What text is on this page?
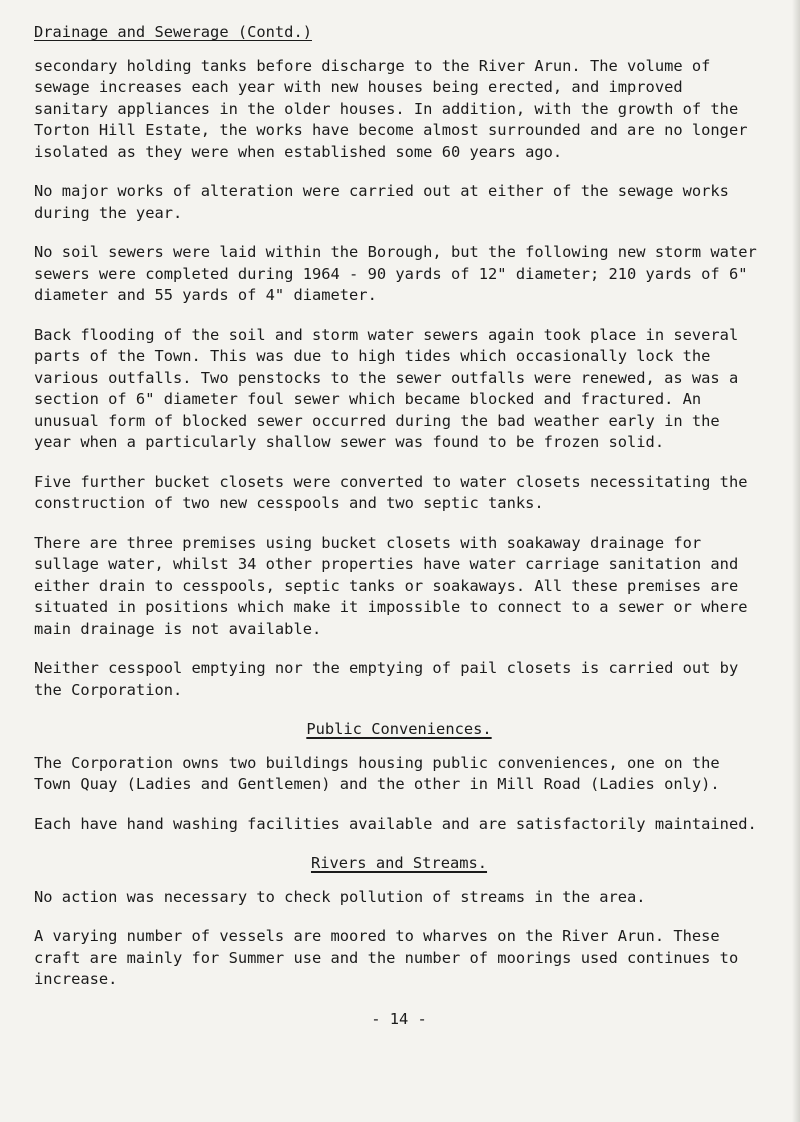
Drainage and Sewerage (Contd.)

secondary holding tanks before discharge to the River Arun. The volume of sewage increases each year with new houses being erected, and improved sanitary appliances in the older houses. In addition, with the growth of the Torton Hill Estate, the works have become almost surrounded and are no longer isolated as they were when established some 60 years ago.

No major works of alteration were carried out at either of the sewage works during the year.

No soil sewers were laid within the Borough, but the following new storm water sewers were completed during 1964 - 90 yards of 12" diameter; 210 yards of 6" diameter and 55 yards of 4" diameter.

Back flooding of the soil and storm water sewers again took place in several parts of the Town. This was due to high tides which occasionally lock the various outfalls. Two penstocks to the sewer outfalls were renewed, as was a section of 6" diameter foul sewer which became blocked and fractured. An unusual form of blocked sewer occurred during the bad weather early in the year when a particularly shallow sewer was found to be frozen solid.

Five further bucket closets were converted to water closets necessitating the construction of two new cesspools and two septic tanks.

There are three premises using bucket closets with soakaway drainage for sullage water, whilst 34 other properties have water carriage sanitation and either drain to cesspools, septic tanks or soakaways. All these premises are situated in positions which make it impossible to connect to a sewer or where main drainage is not available.

Neither cesspool emptying nor the emptying of pail closets is carried out by the Corporation.

Public Conveniences.

The Corporation owns two buildings housing public conveniences, one on the Town Quay (Ladies and Gentlemen) and the other in Mill Road (Ladies only).

Each have hand washing facilities available and are satisfactorily maintained.

Rivers and Streams.

No action was necessary to check pollution of streams in the area.

A varying number of vessels are moored to wharves on the River Arun. These craft are mainly for Summer use and the number of moorings used continues to increase.

- 14 -
